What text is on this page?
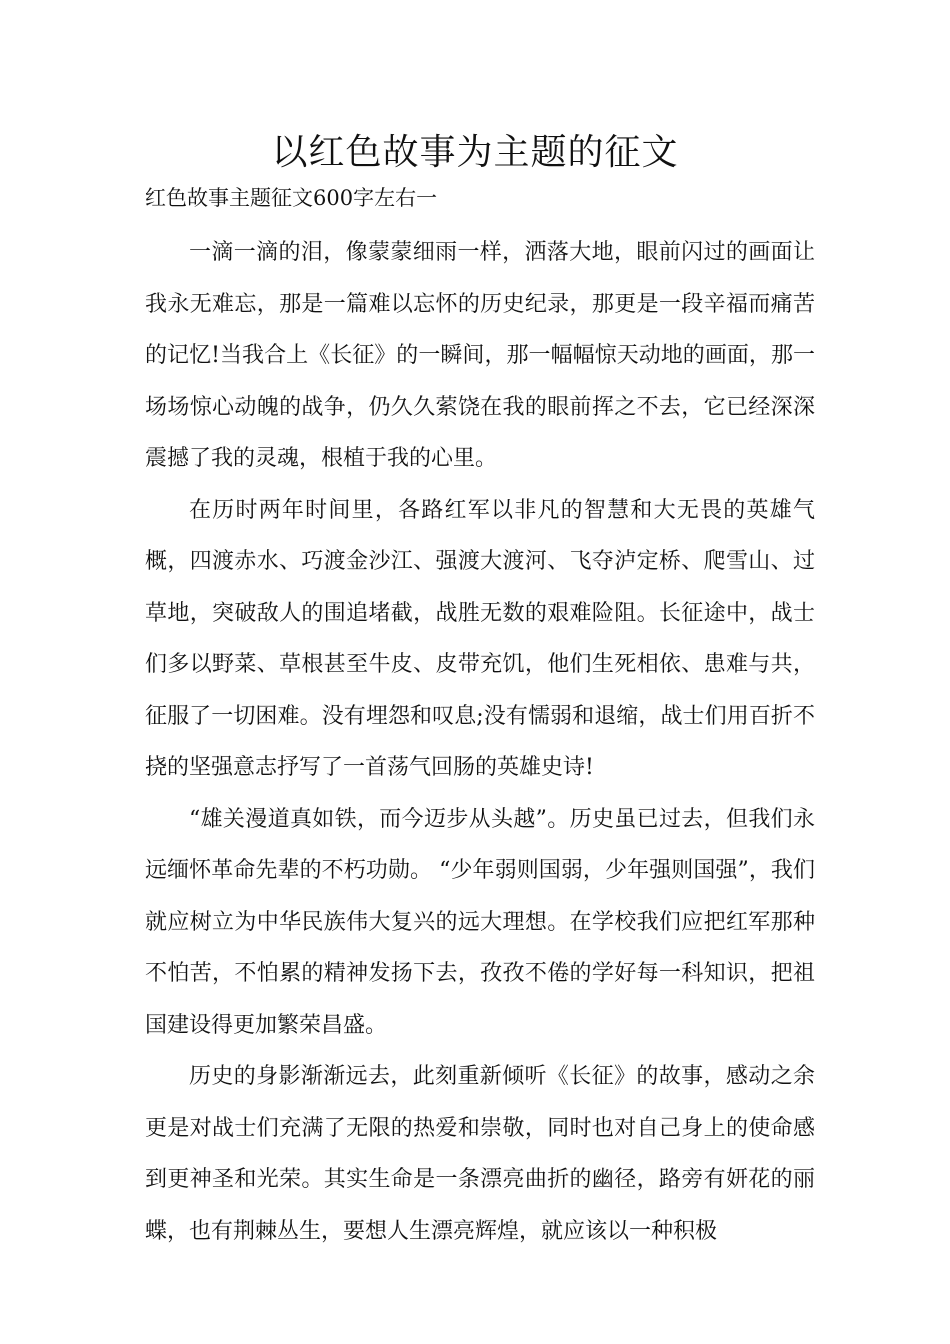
以红色故事为主题的征文

红色故事主题征文600字左右一

一滴一滴的泪，像蒙蒙细雨一样，洒落大地，眼前闪过的画面让我永无难忘，那是一篇难以忘怀的历史纪录，那更是一段辛福而痛苦的记忆!当我合上《长征》的一瞬间，那一幅幅惊天动地的画面，那一场场惊心动魄的战争，仍久久萦饶在我的眼前挥之不去，它已经深深震撼了我的灵魂，根植于我的心里。

在历时两年时间里，各路红军以非凡的智慧和大无畏的英雄气概，四渡赤水、巧渡金沙江、强渡大渡河、飞夺泸定桥、爬雪山、过草地，突破敌人的围追堵截，战胜无数的艰难险阻。长征途中，战士们多以野菜、草根甚至牛皮、皮带充饥，他们生死相依、患难与共，征服了一切困难。没有埋怨和叹息;没有懦弱和退缩，战士们用百折不挠的坚强意志抒写了一首荡气回肠的英雄史诗!

“雄关漫道真如铁，而今迈步从头越”。历史虽已过去，但我们永远缅怀革命先辈的不朽功勋。 “少年弱则国弱，少年强则国强”，我们就应树立为中华民族伟大复兴的远大理想。在学校我们应把红军那种不怕苦，不怕累的精神发扬下去，孜孜不倦的学好每一科知识，把祖国建设得更加繁荣昌盛。

历史的身影渐渐远去，此刻重新倾听《长征》的故事，感动之余更是对战士们充满了无限的热爱和崇敬，同时也对自己身上的使命感到更神圣和光荣。其实生命是一条漂亮曲折的幽径，路旁有妍花的丽蝶，也有荆棘丛生，要想人生漂亮辉煌，就应该以一种积极
